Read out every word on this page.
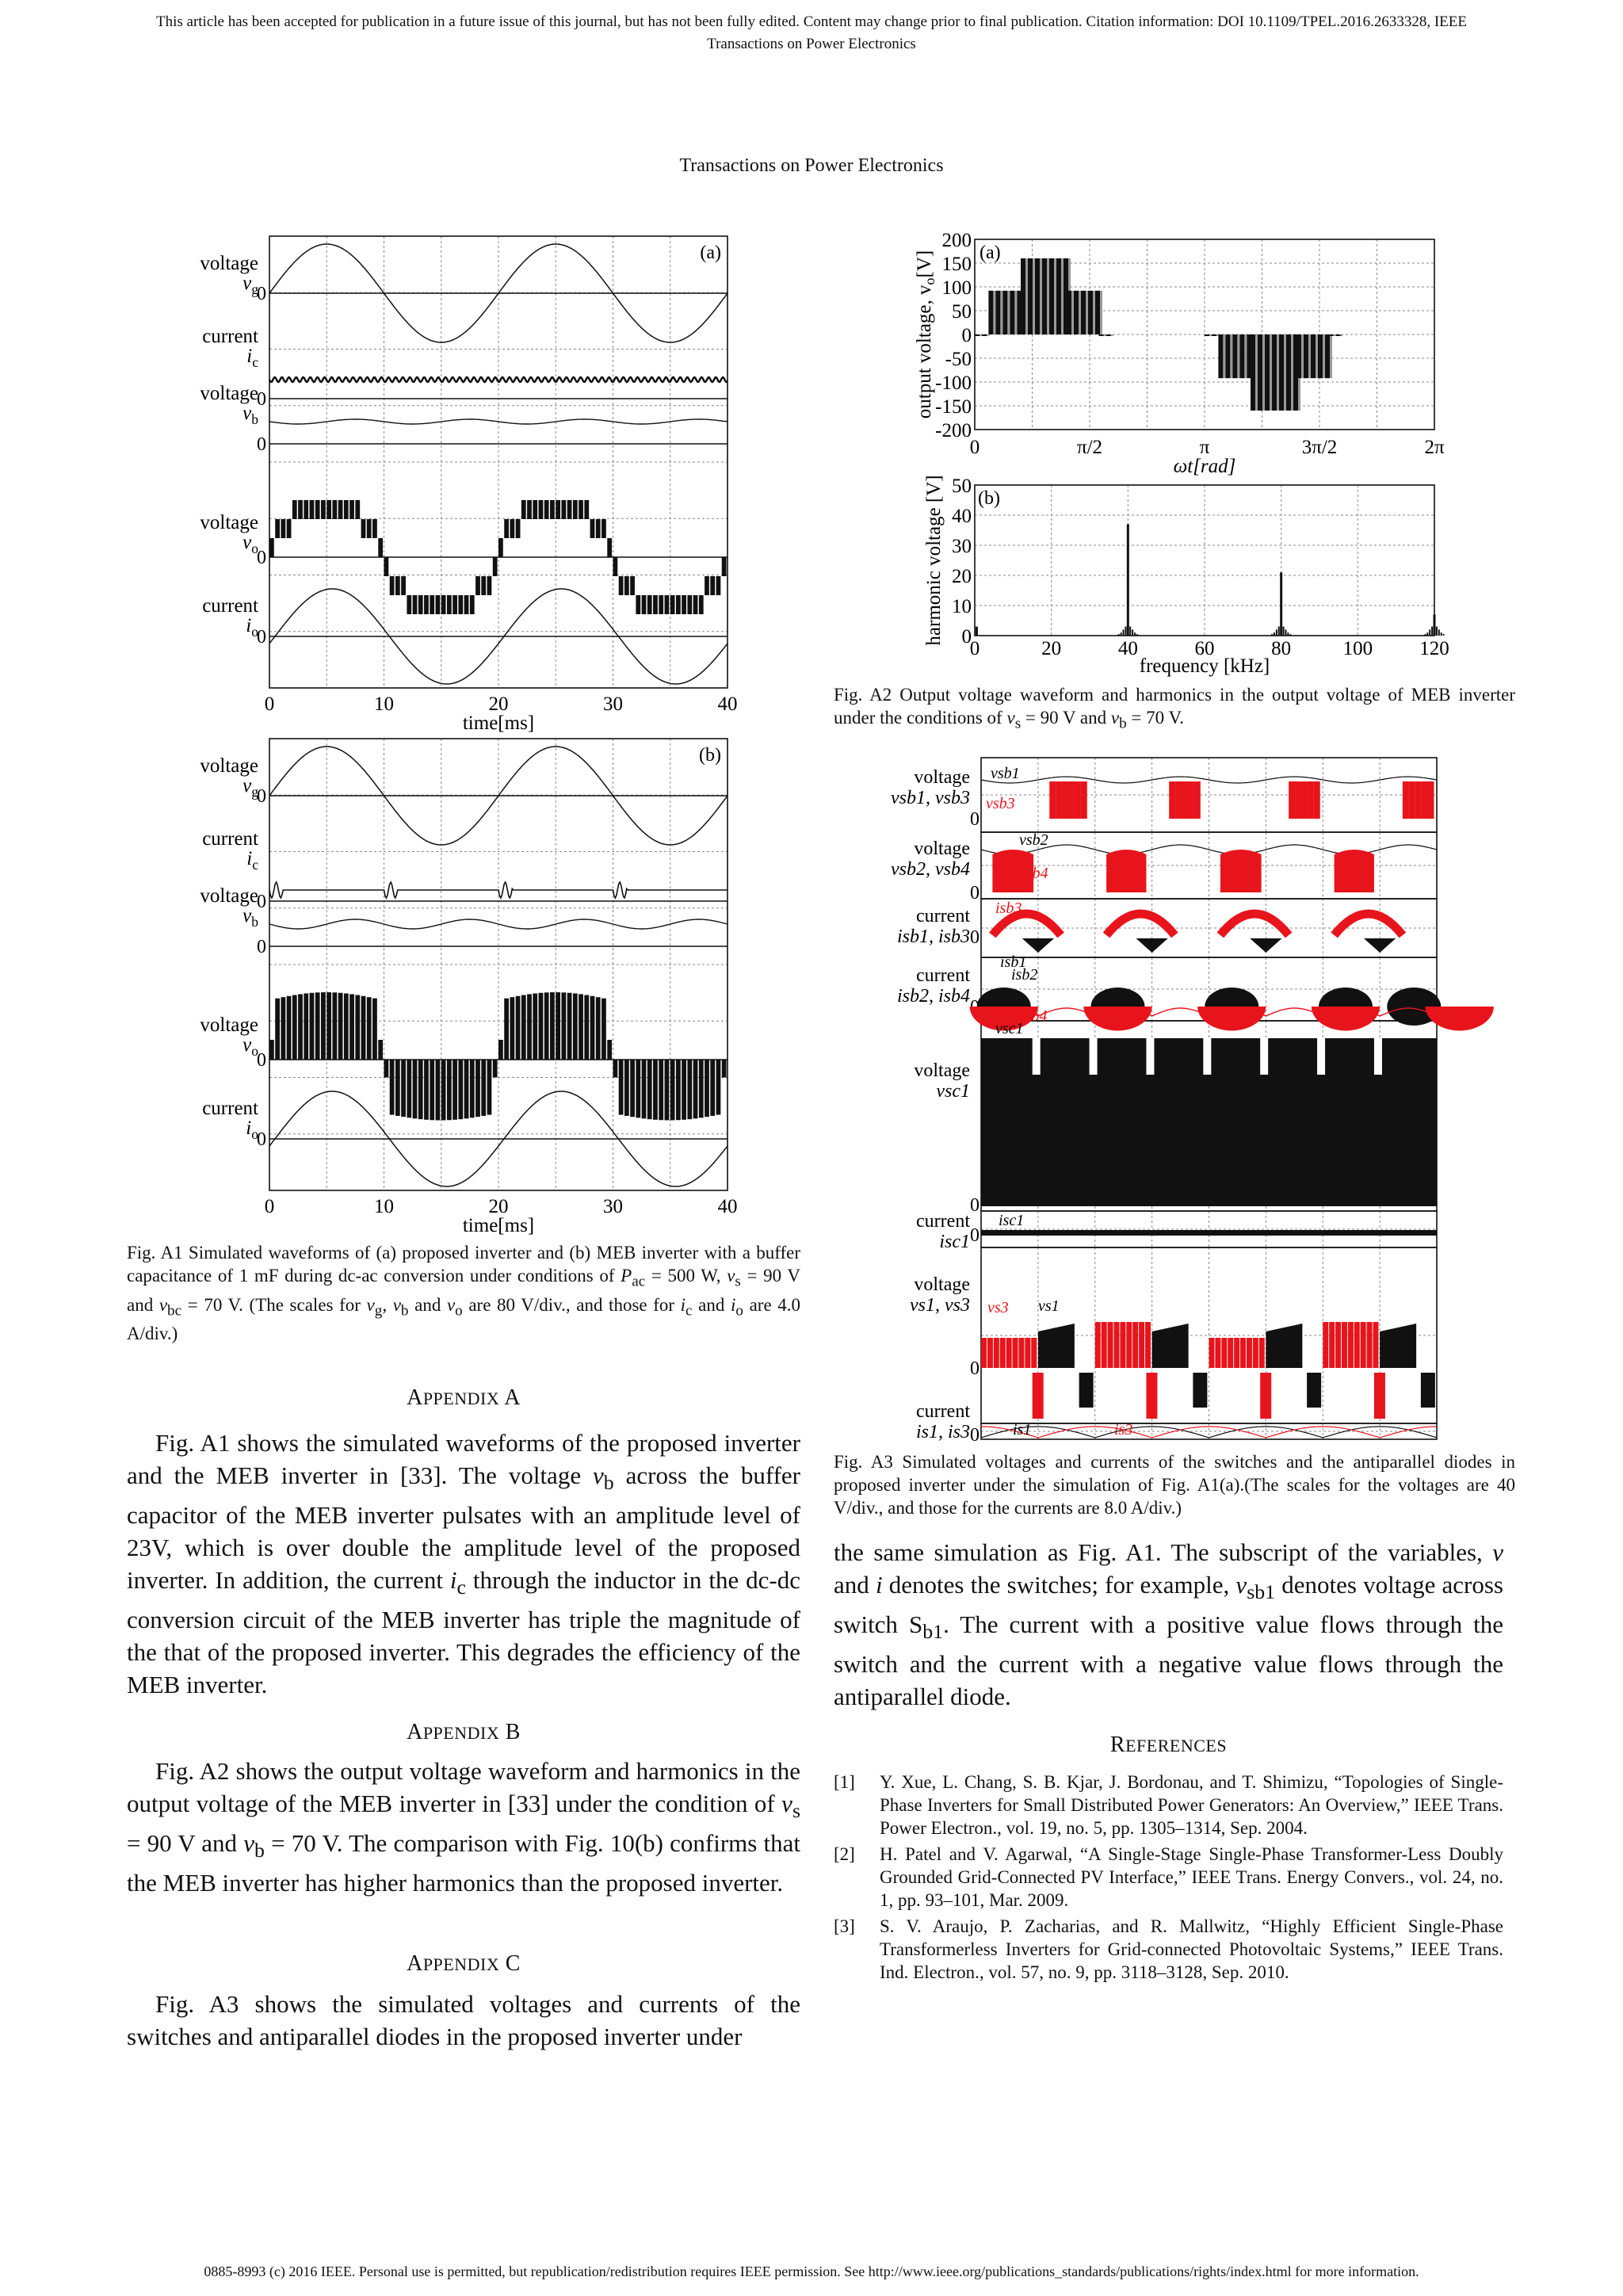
This article has been accepted for publication in a future issue of this journal, but has not been fully edited. Content may change prior to final publication. Citation information: DOI 10.1109/TPEL.2016.2633328, IEEE
Transactions on Power Electronics
Transactions on Power Electronics
(a)
voltage
$v_g$
0
current
$i_c$
0
voltage
$v_b$
0
voltage
$v_o$
0
current
$i_o$
0
0	10	20	30	40
time[ms]
(b)
voltage
$v_g$
0
current
$i_c$
0
voltage
$v_b$
0
voltage
$v_o$
0
current
$i_o$
0
0	10	20	30	40
time[ms]
Fig. A1 Simulated waveforms of (a) proposed inverter and (b) MEB inverter with a buffer capacitance of 1 mF during dc-ac conversion under conditions of $P_{ac} = 500$ W, $v_s = 90$ V and $v_{bc} = 70$ V. (The scales for $v_g$, $v_b$ and $v_o$ are 80 V/div., and those for $i_c$ and $i_o$ are 4.0 A/div.)
200
150
100
50
0
-50
-100
-150
-200
0	π/2	π	3π/2	2π
ωt[rad]
output voltage, $v_o[V]$ (a)
50
40
30
20
10
0
0	20	40	60	80	100 120
frequency [kHz]
harmonic voltage [V] (b)
Fig. A2 Output voltage waveform and harmonics in the output voltage of MEB inverter under the conditions of $v_s = 90$ V and $v_b = 70$ V.
0
0
0
0
0
0
0
voltage
vsb1, vsb3
voltage
vsb2, vsb4
current
isb1, isb3
current
isb2, isb4
voltage
vsc1
current
isc1
voltage
vs1, vs3
current
is1, is3
vsb1
vsb3
vsb2
vsb4
isb3
isb1
isb2
isb4
vsc1
isc1
vs3 vs1
is1	is3
Fig. A3 Simulated voltages and currents of the switches and the antiparallel diodes in proposed inverter under the simulation of Fig. A1(a).(The scales for the voltages are 40 V/div., and those for the currents are 8.0 A/div.)
APPENDIX A
Fig. A1 shows the simulated waveforms of the proposed inverter and the MEB inverter in [33]. The voltage $v_b$ across the buffer capacitor of the MEB inverter pulsates with an amplitude level of 23V, which is over double the amplitude level of the proposed inverter. In addition, the current $i_c$ through the inductor in the dc-dc conversion circuit of the MEB inverter has triple the magnitude of the that of the proposed inverter. This degrades the efficiency of the MEB inverter.
APPENDIX B
Fig. A2 shows the output voltage waveform and harmonics in the output voltage of the MEB inverter in [33] under the condition of $v_s = 90$ V and $v_b = 70$ V. The comparison with Fig. 10(b) confirms that the MEB inverter has higher harmonics than the proposed inverter.
APPENDIX C
Fig. A3 shows the simulated voltages and currents of the switches and antiparallel diodes in the proposed inverter under
the same simulation as Fig. A1. The subscript of the variables, v and i denotes the switches; for example, $v_{sb1}$ denotes voltage across switch $S_{b1}$. The current with a positive value flows through the switch and the current with a negative value flows through the antiparallel diode.
REFERENCES
[1] Y. Xue, L. Chang, S. B. Kjar, J. Bordonau, and T. Shimizu, “Topologies of Single-Phase Inverters for Small Distributed Power Generators: An Overview,” IEEE Trans. Power Electron., vol. 19, no. 5, pp. 1305–1314, Sep. 2004.
[2] H. Patel and V. Agarwal, “A Single-Stage Single-Phase Transformer-Less Doubly Grounded Grid-Connected PV Interface,” IEEE Trans. Energy Convers., vol. 24, no. 1, pp. 93–101, Mar. 2009.
[3] S. V. Araujo, P. Zacharias, and R. Mallwitz, “Highly Efficient Single-Phase Transformerless Inverters for Grid-connected Photovoltaic Systems,” IEEE Trans. Ind. Electron., vol. 57, no. 9, pp. 3118–3128, Sep. 2010.
0885-8993 (c) 2016 IEEE. Personal use is permitted, but republication/redistribution requires IEEE permission. See http://www.ieee.org/publications_standards/publications/rights/index.html for more information.
